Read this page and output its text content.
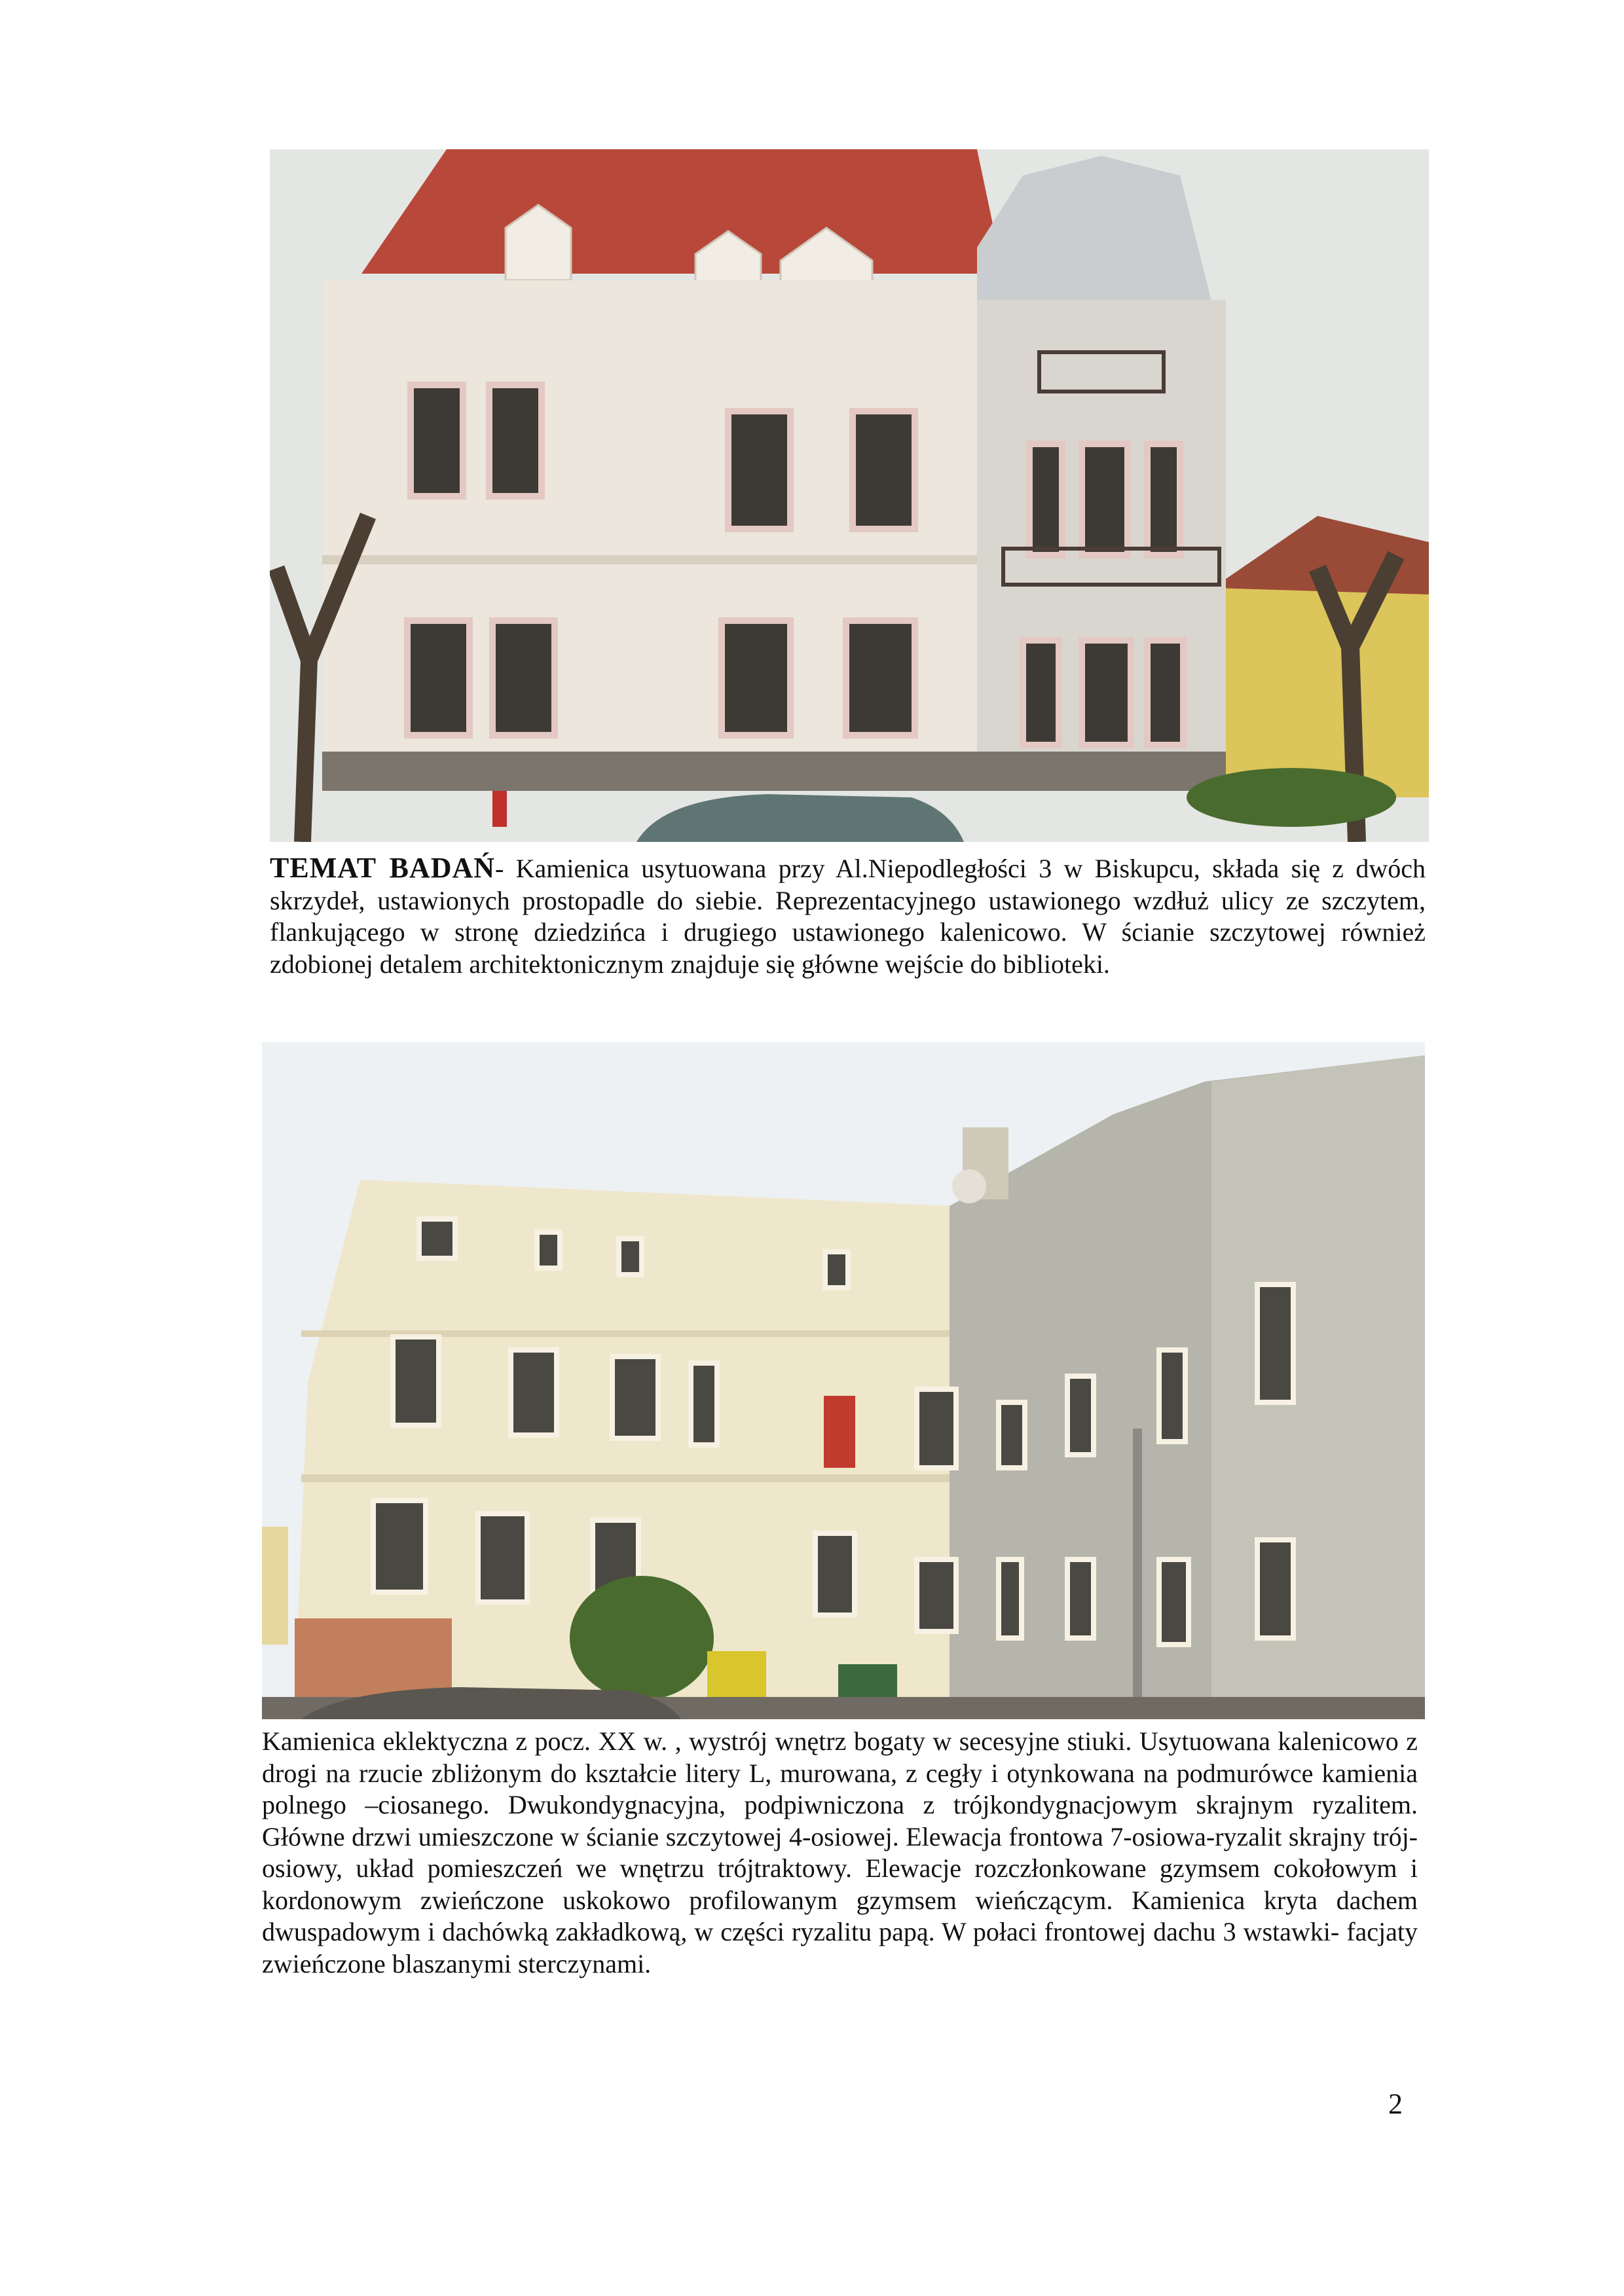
TEMAT BADAŃ- Kamienica usytuowana przy Al.Niepodległości 3 w Biskupcu, składa się z dwóch skrzydeł, ustawionych prostopadle do siebie. Reprezentacyjnego ustawionego wzdłuż ulicy ze szczytem, flankującego w stronę dziedzińca i drugiego ustawionego kalenicowo. W ścianie szczytowej również zdobionej detalem architektonicznym znajduje się główne wejście do biblioteki.

Kamienica eklektyczna z pocz. XX w. , wystrój wnętrz bogaty w secesyjne stiuki. Usytuowana kalenicowo z drogi na rzucie zbliżonym do kształcie litery L, murowana, z cegły i otynkowana na podmurówce kamienia polnego –ciosanego. Dwukondygnacyjna, podpiwniczona z trójkondygnacjowym skrajnym ryzalitem. Główne drzwi umieszczone w ścianie szczytowej 4-osiowej. Elewacja frontowa 7-osiowa-ryzalit skrajny trój-osiowy, układ pomieszczeń we wnętrzu trójtraktowy. Elewacje rozczłonkowane gzymsem cokołowym i kordonowym zwieńczone uskokowo profilowanym gzymsem wieńczącym. Kamienica kryta dachem dwuspadowym i dachówką zakładkową, w części ryzalitu papą. W połaci frontowej dachu 3 wstawki- facjaty zwieńczone blaszanymi sterczynami.

2
